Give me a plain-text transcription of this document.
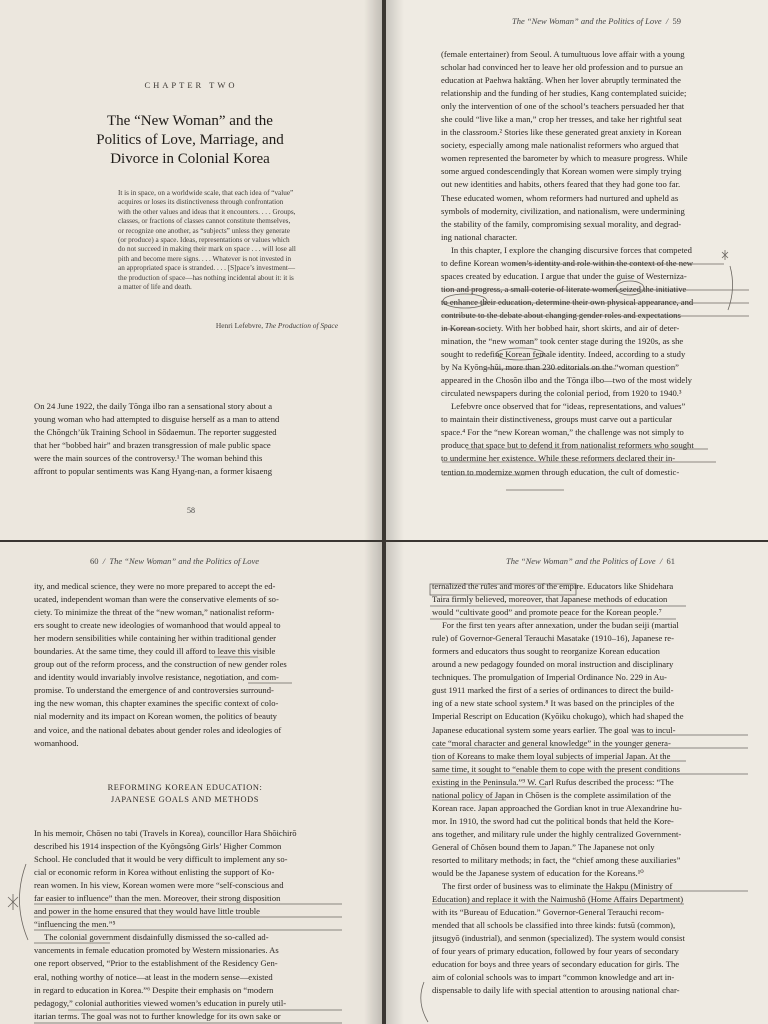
CHAPTER TWO
The “New Woman” and the
Politics of Love, Marriage, and
Divorce in Colonial Korea
It is in space, on a worldwide scale, that each idea of “value”
acquires or loses its distinctiveness through confrontation
with the other values and ideas that it encounters. . . . Groups,
classes, or fractions of classes cannot constitute themselves,
or recognize one another, as “subjects” unless they generate
(or produce) a space. Ideas, representations or values which
do not succeed in making their mark on space . . . will lose all
pith and become mere signs. . . . Whatever is not invested in
an appropriated space is stranded. . . . [S]pace’s investment—
the production of space—has nothing incidental about it: it is
a matter of life and death.
Henri Lefebvre, The Production of Space
On 24 June 1922, the daily Tōnga ilbo ran a sensational story about a
young woman who had attempted to disguise herself as a man to attend
the Chōngch’ŭk Training School in Sōdaemun. The reporter suggested
that her “bobbed hair” and brazen transgression of male public space
were the main sources of the controversy.¹ The woman behind this
affront to popular sentiments was Kang Hyang-nan, a former kisaeng
58
The “New Woman” and the Politics of Love  /  59
(female entertainer) from Seoul. A tumultuous love affair with a young
scholar had convinced her to leave her old profession and to pursue an
education at Paehwa haktăng. When her lover abruptly terminated the
relationship and the funding of her studies, Kang contemplated suicide;
only the intervention of one of the school’s teachers persuaded her that
she could “live like a man,” crop her tresses, and take her rightful seat
in the classroom.² Stories like these generated great anxiety in Korean
society, especially among male nationalist reformers who argued that
women represented the barometer by which to measure progress. While
some argued condescendingly that Korean women were simply trying
out new identities and habits, others feared that they had gone too far.
These educated women, whom reformers had nurtured and upheld as
symbols of modernity, civilization, and nationalism, were undermining
the stability of the family, compromising sexual morality, and degrad-
ing national character.
In this chapter, I explore the changing discursive forces that competed
to define Korean women’s identity and role within the context of the new
spaces created by education. I argue that under the guise of Westerniza-
tion and progress, a small coterie of literate women seized the initiative
to enhance their education, determine their own physical appearance, and
contribute to the debate about changing gender roles and expectations
in Korean society. With her bobbed hair, short skirts, and air of deter-
mination, the “new woman” took center stage during the 1920s, as she
sought to redefine Korean female identity. Indeed, according to a study
by Na Kyōng-hŭi, more than 230 editorials on the “woman question”
appeared in the Chosōn ilbo and the Tōnga ilbo—two of the most widely
circulated newspapers during the colonial period, from 1920 to 1940.³
Lefebvre once observed that for “ideas, representations, and values”
to maintain their distinctiveness, groups must carve out a particular
space.⁴ For the “new Korean woman,” the challenge was not simply to
produce that space but to defend it from nationalist reformers who sought
to undermine her existence. While these reformers declared their in-
tention to modernize women through education, the cult of domestic-
60  /  The “New Woman” and the Politics of Love
ity, and medical science, they were no more prepared to accept the ed-
ucated, independent woman than were the conservative elements of so-
ciety. To minimize the threat of the “new woman,” nationalist reform-
ers sought to create new ideologies of womanhood that would appeal to
her modern sensibilities while containing her within traditional gender
boundaries. At the same time, they could ill afford to leave this visible
group out of the reform process, and the construction of new gender roles
and identity would invariably involve resistance, negotiation, and com-
promise. To understand the emergence of and controversies surround-
ing the new woman, this chapter examines the specific context of colo-
nial modernity and its impact on Korean women, the politics of beauty
and voice, and the national debates about gender roles and ideologies of
womanhood.
REFORMING KOREAN EDUCATION:
JAPANESE GOALS AND METHODS
In his memoir, Chōsen no tabi (Travels in Korea), councillor Hara Shōichirō
described his 1914 inspection of the Kyōngsōng Girls’ Higher Common
School. He concluded that it would be very difficult to implement any so-
cial or economic reform in Korea without enlisting the support of Ko-
rean women. In his view, Korean women were more “self-conscious and
far easier to influence” than the men. Moreover, their strong disposition
and power in the home ensured that they would have little trouble
“influencing the men.”⁵
The colonial government disdainfully dismissed the so-called ad-
vancements in female education promoted by Western missionaries. As
one report observed, “Prior to the establishment of the Residency Gen-
eral, nothing worthy of notice—at least in the modern sense—existed
in regard to education in Korea.”⁶ Despite their emphasis on “modern
pedagogy,” colonial authorities viewed women’s education in purely util-
itarian terms. The goal was not to further knowledge for its own sake or
The “New Woman” and the Politics of Love  /  61
ternalized the rules and mores of the empire. Educators like Shidehara
Taira firmly believed, moreover, that Japanese methods of education
would “cultivate good” and promote peace for the Korean people.⁷
For the first ten years after annexation, under the budan seiji (martial
rule) of Governor-General Terauchi Masatake (1910–16), Japanese re-
formers and educators thus sought to reorganize Korean education
around a new pedagogy founded on moral instruction and disciplinary
techniques. The promulgation of Imperial Ordinance No. 229 in Au-
gust 1911 marked the first of a series of ordinances to direct the build-
ing of a new state school system.⁸ It was based on the principles of the
Imperial Rescript on Education (Kyōiku chokugo), which had shaped the
Japanese educational system some years earlier. The goal was to incul-
cate “moral character and general knowledge” in the younger genera-
tion of Koreans to make them loyal subjects of imperial Japan. At the
same time, it sought to “enable them to cope with the present conditions
existing in the Peninsula.”⁹ W. Carl Rufus described the process: “The
national policy of Japan in Chōsen is the complete assimilation of the
Korean race. Japan approached the Gordian knot in true Alexandrine hu-
mor. In 1910, the sword had cut the political bonds that held the Kore-
ans together, and military rule under the highly centralized Government-
General of Chōsen bound them to Japan.” The Japanese not only
resorted to military methods; in fact, the “chief among these auxiliaries”
would be the Japanese system of education for the Koreans.¹⁰
The first order of business was to eliminate the Hakpu (Ministry of
Education) and replace it with the Naimushō (Home Affairs Department)
with its “Bureau of Education.” Governor-General Terauchi recom-
mended that all schools be classified into three kinds: futsū (common),
jitsugyō (industrial), and senmon (specialized). The system would consist
of four years of primary education, followed by four years of secondary
education for boys and three years of secondary education for girls. The
aim of colonial schools was to impart “common knowledge and art in-
dispensable to daily life with special attention to arousing national char-
